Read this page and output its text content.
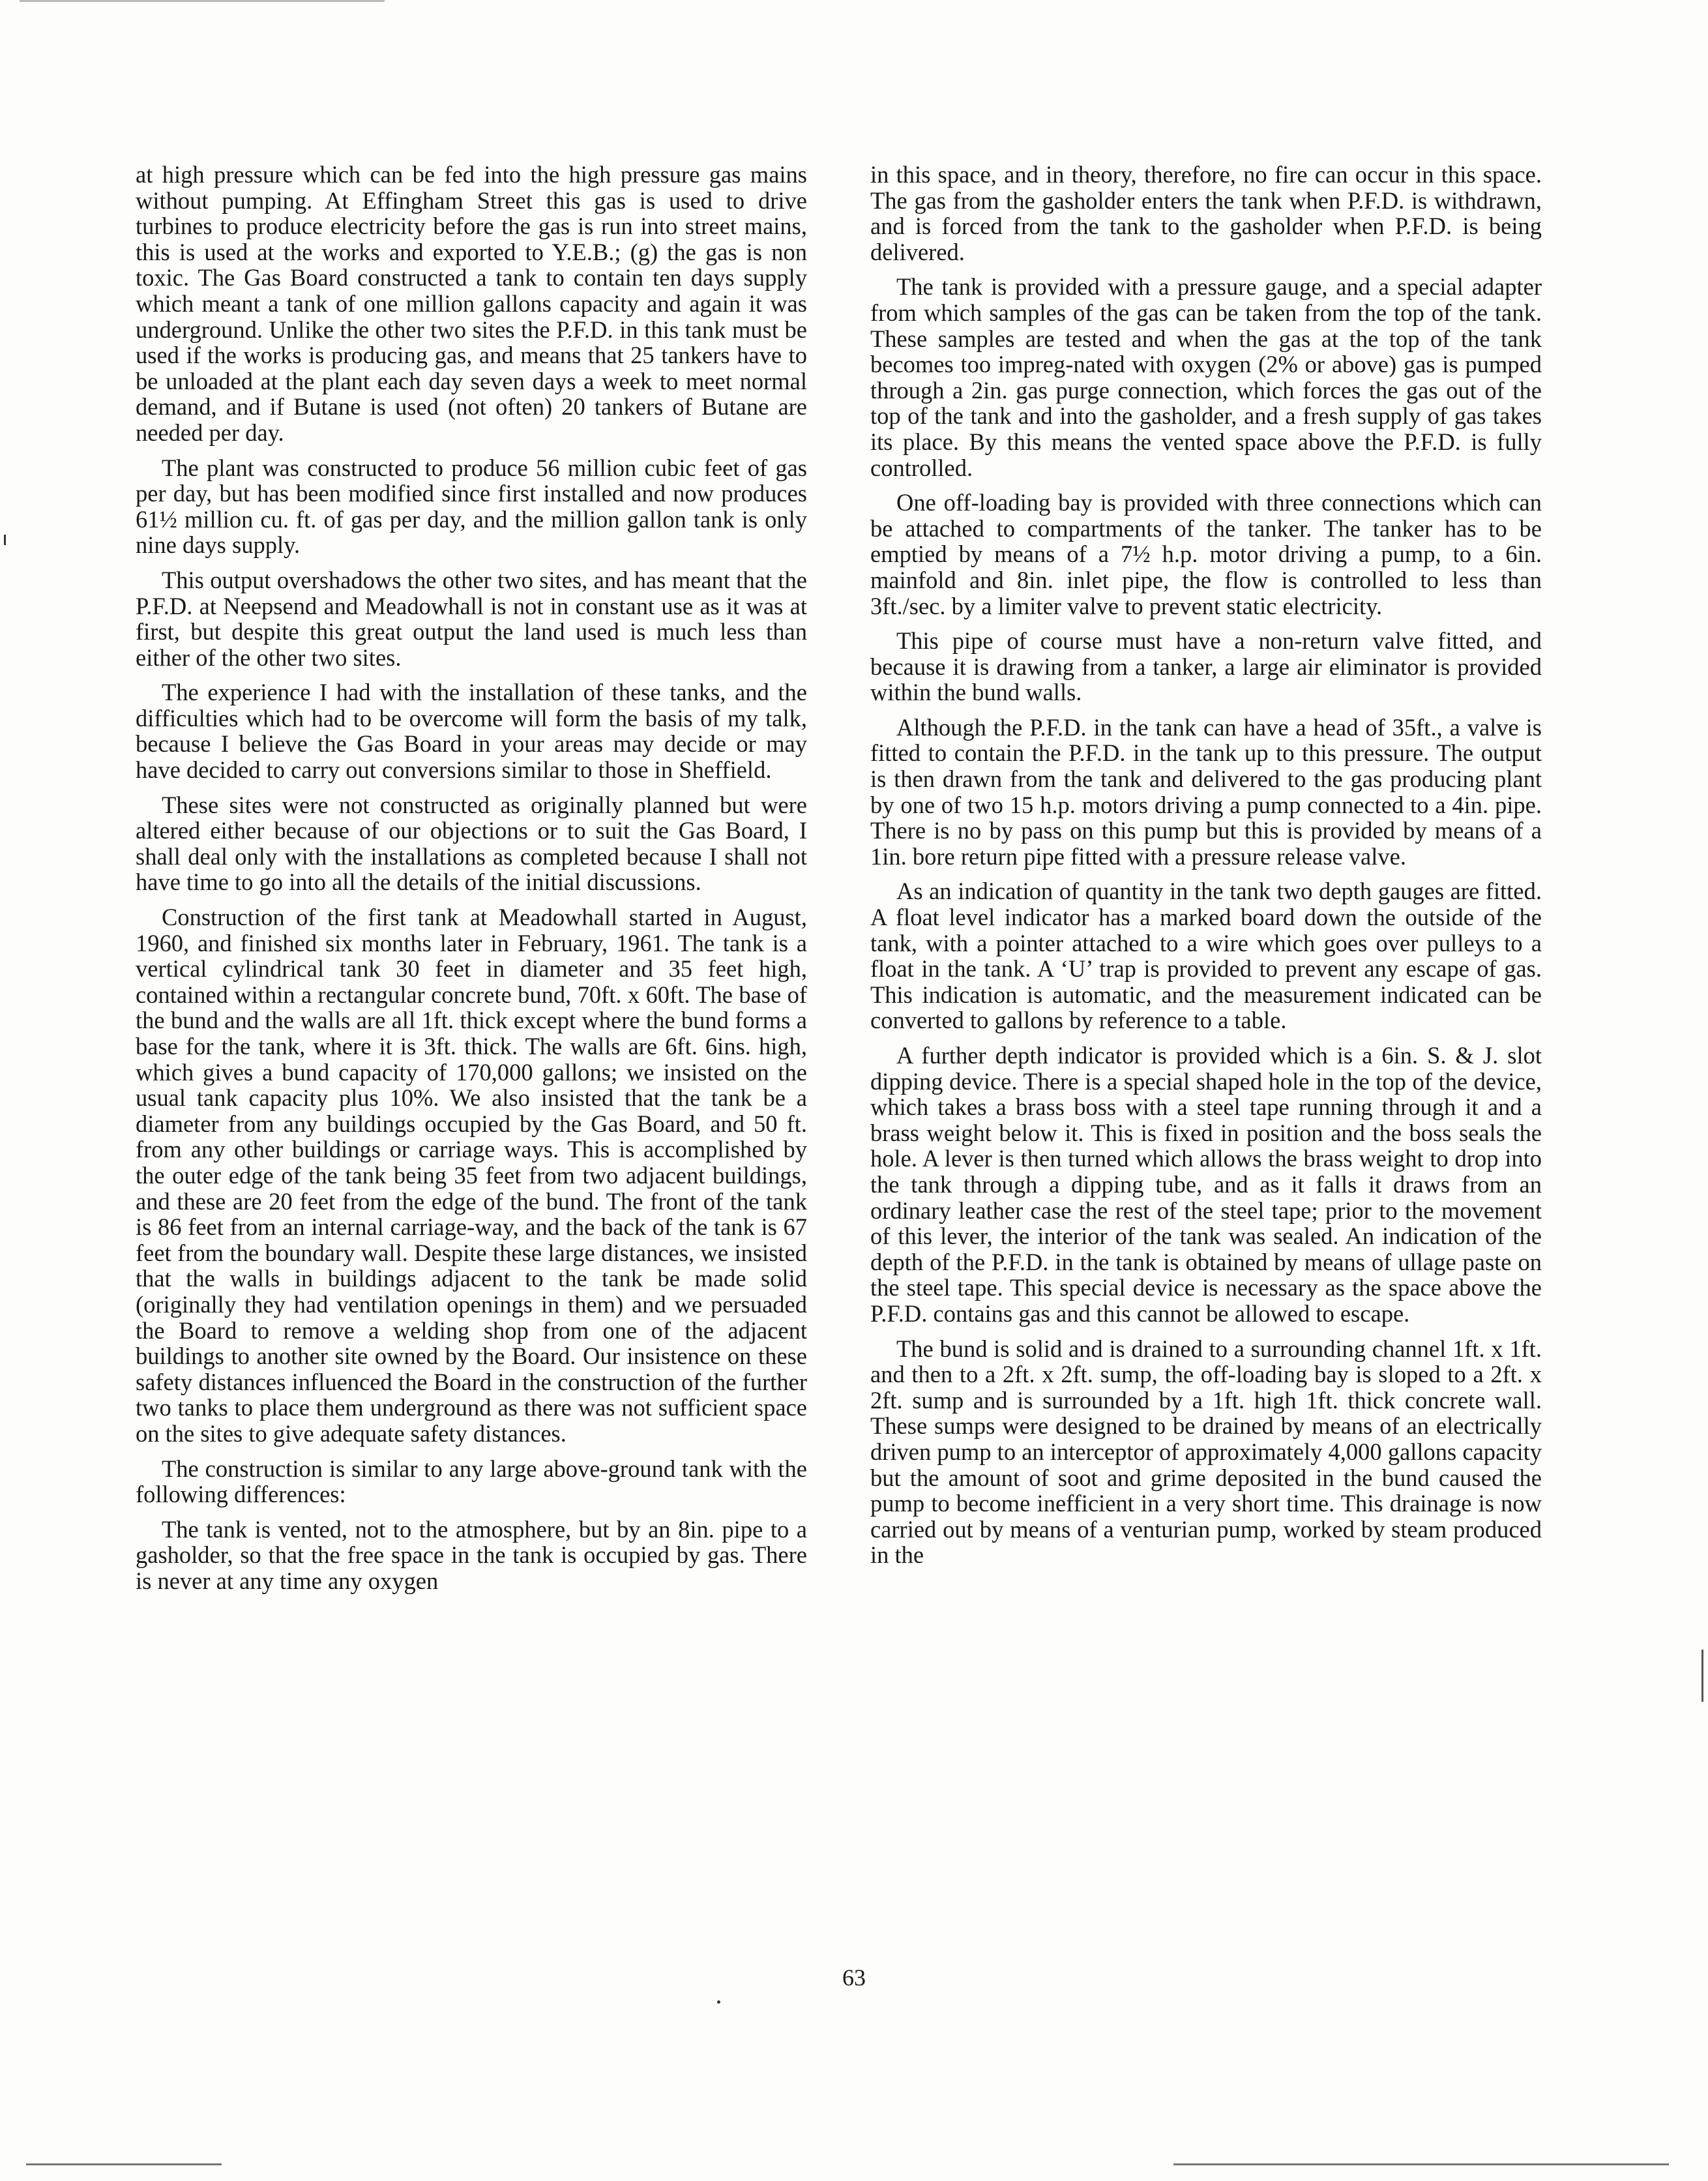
at high pressure which can be fed into the high pressure gas mains without pumping. At Effingham Street this gas is used to drive turbines to produce electricity before the gas is run into street mains, this is used at the works and exported to Y.E.B.; (g) the gas is non toxic. The Gas Board constructed a tank to contain ten days supply which meant a tank of one million gallons capacity and again it was underground. Unlike the other two sites the P.F.D. in this tank must be used if the works is producing gas, and means that 25 tankers have to be unloaded at the plant each day seven days a week to meet normal demand, and if Butane is used (not often) 20 tankers of Butane are needed per day.

The plant was constructed to produce 56 million cubic feet of gas per day, but has been modified since first installed and now produces 61½ million cu. ft. of gas per day, and the million gallon tank is only nine days supply.

This output overshadows the other two sites, and has meant that the P.F.D. at Neepsend and Meadowhall is not in constant use as it was at first, but despite this great output the land used is much less than either of the other two sites.

The experience I had with the installation of these tanks, and the difficulties which had to be overcome will form the basis of my talk, because I believe the Gas Board in your areas may decide or may have decided to carry out conversions similar to those in Sheffield.

These sites were not constructed as originally planned but were altered either because of our objections or to suit the Gas Board, I shall deal only with the installations as completed because I shall not have time to go into all the details of the initial discussions.

Construction of the first tank at Meadowhall started in August, 1960, and finished six months later in February, 1961. The tank is a vertical cylindrical tank 30 feet in diameter and 35 feet high, contained within a rectangular concrete bund, 70ft. x 60ft. The base of the bund and the walls are all 1ft. thick except where the bund forms a base for the tank, where it is 3ft. thick. The walls are 6ft. 6ins. high, which gives a bund capacity of 170,000 gallons; we insisted on the usual tank capacity plus 10%. We also insisted that the tank be a diameter from any buildings occupied by the Gas Board, and 50 ft. from any other buildings or carriage ways. This is accomplished by the outer edge of the tank being 35 feet from two adjacent buildings, and these are 20 feet from the edge of the bund. The front of the tank is 86 feet from an internal carriage-way, and the back of the tank is 67 feet from the boundary wall. Despite these large distances, we insisted that the walls in buildings adjacent to the tank be made solid (originally they had ventilation openings in them) and we persuaded the Board to remove a welding shop from one of the adjacent buildings to another site owned by the Board. Our insistence on these safety distances influenced the Board in the construction of the further two tanks to place them underground as there was not sufficient space on the sites to give adequate safety distances.

The construction is similar to any large above-ground tank with the following differences:

The tank is vented, not to the atmosphere, but by an 8in. pipe to a gasholder, so that the free space in the tank is occupied by gas. There is never at any time any oxygen

in this space, and in theory, therefore, no fire can occur in this space. The gas from the gasholder enters the tank when P.F.D. is withdrawn, and is forced from the tank to the gasholder when P.F.D. is being delivered.

The tank is provided with a pressure gauge, and a special adapter from which samples of the gas can be taken from the top of the tank. These samples are tested and when the gas at the top of the tank becomes too impreg-nated with oxygen (2% or above) gas is pumped through a 2in. gas purge connection, which forces the gas out of the top of the tank and into the gasholder, and a fresh supply of gas takes its place. By this means the vented space above the P.F.D. is fully controlled.

One off-loading bay is provided with three connections which can be attached to compartments of the tanker. The tanker has to be emptied by means of a 7½ h.p. motor driving a pump, to a 6in. mainfold and 8in. inlet pipe, the flow is controlled to less than 3ft./sec. by a limiter valve to prevent static electricity.

This pipe of course must have a non-return valve fitted, and because it is drawing from a tanker, a large air eliminator is provided within the bund walls.

Although the P.F.D. in the tank can have a head of 35ft., a valve is fitted to contain the P.F.D. in the tank up to this pressure. The output is then drawn from the tank and delivered to the gas producing plant by one of two 15 h.p. motors driving a pump connected to a 4in. pipe. There is no by pass on this pump but this is provided by means of a 1in. bore return pipe fitted with a pressure release valve.

As an indication of quantity in the tank two depth gauges are fitted. A float level indicator has a marked board down the outside of the tank, with a pointer attached to a wire which goes over pulleys to a float in the tank. A ‘U’ trap is provided to prevent any escape of gas. This indication is automatic, and the measurement indicated can be converted to gallons by reference to a table.

A further depth indicator is provided which is a 6in. S. & J. slot dipping device. There is a special shaped hole in the top of the device, which takes a brass boss with a steel tape running through it and a brass weight below it. This is fixed in position and the boss seals the hole. A lever is then turned which allows the brass weight to drop into the tank through a dipping tube, and as it falls it draws from an ordinary leather case the rest of the steel tape; prior to the movement of this lever, the interior of the tank was sealed. An indication of the depth of the P.F.D. in the tank is obtained by means of ullage paste on the steel tape. This special device is necessary as the space above the P.F.D. contains gas and this cannot be allowed to escape.

The bund is solid and is drained to a surrounding channel 1ft. x 1ft. and then to a 2ft. x 2ft. sump, the off-loading bay is sloped to a 2ft. x 2ft. sump and is surrounded by a 1ft. high 1ft. thick concrete wall. These sumps were designed to be drained by means of an electrically driven pump to an interceptor of approximately 4,000 gallons capacity but the amount of soot and grime deposited in the bund caused the pump to become inefficient in a very short time. This drainage is now carried out by means of a venturian pump, worked by steam produced in the

63
